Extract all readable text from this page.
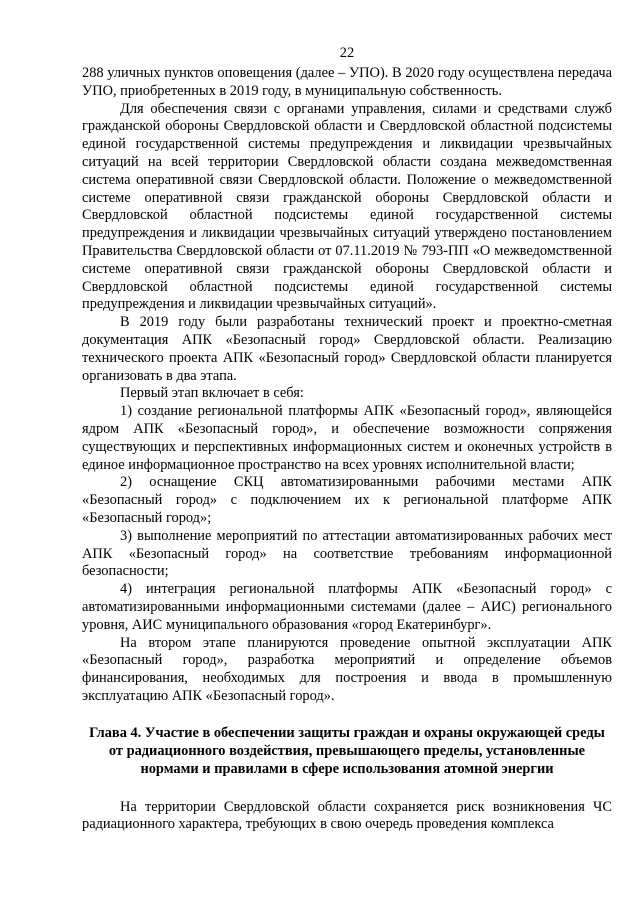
22

288 уличных пунктов оповещения (далее – УПО). В 2020 году осуществлена передача УПО, приобретенных в 2019 году, в муниципальную собственность.

Для обеспечения связи с органами управления, силами и средствами служб гражданской обороны Свердловской области и Свердловской областной подсистемы единой государственной системы предупреждения и ликвидации чрезвычайных ситуаций на всей территории Свердловской области создана межведомственная система оперативной связи Свердловской области. Положение о межведомственной системе оперативной связи гражданской обороны Свердловской области и Свердловской областной подсистемы единой государственной системы предупреждения и ликвидации чрезвычайных ситуаций утверждено постановлением Правительства Свердловской области от 07.11.2019 № 793-ПП «О межведомственной системе оперативной связи гражданской обороны Свердловской области и Свердловской областной подсистемы единой государственной системы предупреждения и ликвидации чрезвычайных ситуаций».

В 2019 году были разработаны технический проект и проектно-сметная документация АПК «Безопасный город» Свердловской области. Реализацию технического проекта АПК «Безопасный город» Свердловской области планируется организовать в два этапа.

Первый этап включает в себя:

1) создание региональной платформы АПК «Безопасный город», являющейся ядром АПК «Безопасный город», и обеспечение возможности сопряжения существующих и перспективных информационных систем и оконечных устройств в единое информационное пространство на всех уровнях исполнительной власти;

2) оснащение СКЦ автоматизированными рабочими местами АПК «Безопасный город» с подключением их к региональной платформе АПК «Безопасный город»;

3) выполнение мероприятий по аттестации автоматизированных рабочих мест АПК «Безопасный город» на соответствие требованиям информационной безопасности;

4) интеграция региональной платформы АПК «Безопасный город» с автоматизированными информационными системами (далее – АИС) регионального уровня, АИС муниципального образования «город Екатеринбург».

На втором этапе планируются проведение опытной эксплуатации АПК «Безопасный город», разработка мероприятий и определение объемов финансирования, необходимых для построения и ввода в промышленную эксплуатацию АПК «Безопасный город».

Глава 4. Участие в обеспечении защиты граждан и охраны окружающей среды от радиационного воздействия, превышающего пределы, установленные нормами и правилами в сфере использования атомной энергии

На территории Свердловской области сохраняется риск возникновения ЧС радиационного характера, требующих в свою очередь проведения комплекса
